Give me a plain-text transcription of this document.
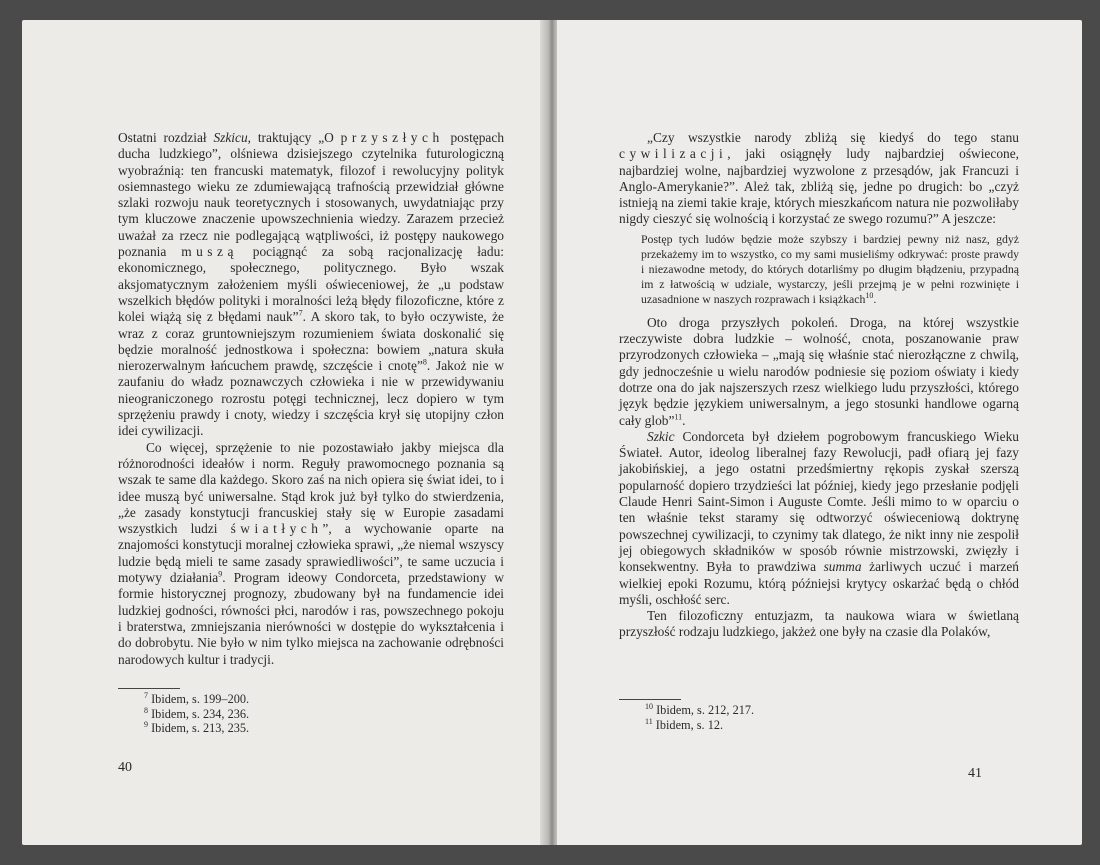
Ostatni rozdział Szkicu, traktujący „O przyszłych postępach ducha ludzkiego”, olśniewa dzisiejszego czytelnika futurologiczną wyobraźnią: ten francuski matematyk, filozof i rewolucyjny polityk osiemnastego wieku ze zdumiewającą trafnością przewidział główne szlaki rozwoju nauk teoretycznych i stosowanych, uwydatniając przy tym kluczowe znaczenie upowszechnienia wiedzy. Zarazem przecież uważał za rzecz nie podlegającą wątpliwości, iż postępy naukowego poznania muszą pociągnąć za sobą racjonalizację ładu: ekonomicznego, społecznego, politycznego. Było wszak aksjomatycznym założeniem myśli oświeceniowej, że „u podstaw wszelkich błędów polityki i moralności leżą błędy filozoficzne, które z kolei wiążą się z błędami nauk”$^7$. A skoro tak, to było oczywiste, że wraz z coraz gruntowniejszym rozumieniem świata doskonalić się będzie moralność jednostkowa i społeczna: bowiem „natura skuła nierozerwalnym łańcuchem prawdę, szczęście i cnotę”$^8$. Jakoż nie w zaufaniu do władz poznawczych człowieka i nie w przewidywaniu nieograniczonego rozrostu potęgi technicznej, lecz dopiero w tym sprzężeniu prawdy i cnoty, wiedzy i szczęścia krył się utopijny człon idei cywilizacji.

Co więcej, sprzężenie to nie pozostawiało jakby miejsca dla różnorodności ideałów i norm. Reguły prawomocnego poznania są wszak te same dla każdego. Skoro zaś na nich opiera się świat idei, to i idee muszą być uniwersalne. Stąd krok już był tylko do stwierdzenia, „że zasady konstytucji francuskiej stały się w Europie zasadami wszystkich ludzi światłych”, a wychowanie oparte na znajomości konstytucji moralnej człowieka sprawi, „że niemal wszyscy ludzie będą mieli te same zasady sprawiedliwości”, te same uczucia i motywy działania$^9$. Program ideowy Condorceta, przedstawiony w formie historycznej prognozy, zbudowany był na fundamencie idei ludzkiej godności, równości płci, narodów i ras, powszechnego pokoju i braterstwa, zmniejszania nierówności w dostępie do wykształcenia i do dobrobytu. Nie było w nim tylko miejsca na zachowanie odrębności narodowych kultur i tradycji.

$^7$ Ibidem, s. 199–200.
$^8$ Ibidem, s. 234, 236.
$^9$ Ibidem, s. 213, 235.
40

„Czy wszystkie narody zbliżą się kiedyś do tego stanu cywilizacji, jaki osiągnęły ludy najbardziej oświecone, najbardziej wolne, najbardziej wyzwolone z przesądów, jak Francuzi i Anglo-Amerykanie?”. Ależ tak, zbliżą się, jedne po drugich: bo „czyż istnieją na ziemi takie kraje, których mieszkańcom natura nie pozwoliłaby nigdy cieszyć się wolnością i korzystać ze swego rozumu?” A jeszcze:

Postęp tych ludów będzie może szybszy i bardziej pewny niż nasz, gdyż przekażemy im to wszystko, co my sami musieliśmy odkrywać: proste prawdy i niezawodne metody, do których dotarliśmy po długim błądzeniu, przypadną im z łatwością w udziale, wystarczy, jeśli przejmą je w pełni rozwinięte i uzasadnione w naszych rozprawach i książkach$^{10}$.

Oto droga przyszłych pokoleń. Droga, na której wszystkie rzeczywiste dobra ludzkie – wolność, cnota, poszanowanie praw przyrodzonych człowieka – „mają się właśnie stać nierozłączne z chwilą, gdy jednocześnie u wielu narodów podniesie się poziom oświaty i kiedy dotrze ona do jak najszerszych rzesz wielkiego ludu przyszłości, którego język będzie językiem uniwersalnym, a jego stosunki handlowe ogarną cały glob”$^{11}$.

Szkic Condorceta był dziełem pogrobowym francuskiego Wieku Świateł. Autor, ideolog liberalnej fazy Rewolucji, padł ofiarą jej fazy jakobińskiej, a jego ostatni przedśmiertny rękopis zyskał szerszą popularność dopiero trzydzieści lat później, kiedy jego przesłanie podjęli Claude Henri Saint-Simon i Auguste Comte. Jeśli mimo to w oparciu o ten właśnie tekst staramy się odtworzyć oświeceniową doktrynę powszechnej cywilizacji, to czynimy tak dlatego, że nikt inny nie zespolił jej obiegowych składników w sposób równie mistrzowski, zwięzły i konsekwentny. Była to prawdziwa summa żarliwych uczuć i marzeń wielkiej epoki Rozumu, którą późniejsi krytycy oskarżać będą o chłód myśli, oschłość serc.

Ten filozoficzny entuzjazm, ta naukowa wiara w świetlaną przyszłość rodzaju ludzkiego, jakżeż one były na czasie dla Polaków,

$^{10}$ Ibidem, s. 212, 217.
$^{11}$ Ibidem, s. 12.
41
